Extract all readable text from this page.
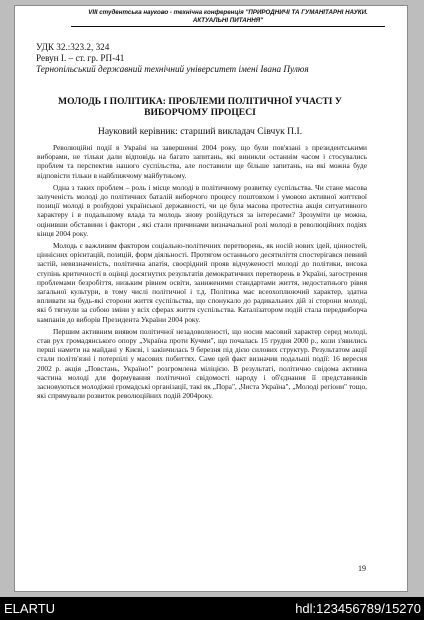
VIII студентська науково - технічна конференція "ПРИРОДНИЧІ ТА ГУМАНІТАРНІ НАУКИ.
АКТУАЛЬНІ ПИТАННЯ"
УДК 32.:323.2, 324
Ревун І. – ст. гр. РП-41
Тернопільський державний технічний університет імені Івана Пулюя
МОЛОДЬ І ПОЛІТИКА: ПРОБЛЕМИ ПОЛІТИЧНОЇ УЧАСТІ У
ВИБОРЧОМУ ПРОЦЕСІ
Науковий керівник: старший викладач Сівчук П.І.

Революційні події в Україні на завершенні 2004 року, що були пов'язані з президентськими виборами, не тільки дали відповідь на багато запитань, які виникли останнім часом і стосувались проблем та перспектив нашого суспільства, але поставили ще більше запитань, на які можна буде відповісти тільки в найближчому майбутньому.

Одна з таких проблем – роль і місце молоді в політичному розвитку суспільства. Чи стане масова залученість молоді до політичних баталій виборчого процесу поштовхом і умовою активної життєвої позиції молоді в розбудові української державності, чи це була масова протестна акція ситуативного характеру і в подальшому влада та молодь знову розійдуться за інтересами? Зрозуміти це можна, оцінивши обставини і фактори , які стали причинами визначальної ролі молоді в революційних подіях кінця 2004 року.

Молодь є важливим фактором соціально-політичних перетворень, як носій нових ідей, цінностей, ціннісних орієнтацій, позицій, форм діяльності. Протягом останнього десятиліття спостерігався певний застій, невизначеність, політична апатія, своєрідний прояв відчуженості молоді до політики, висока ступінь критичності в оцінці досягнутих результатів демократичних перетворень в Україні, загострення проблемами безробіття, низьким рівнем освіти, заниженими стандартами життя, недостатнього рівня загальної культури, в тому числі політичної і т.д. Політика має всеохоплюючий характер, здатна впливати на будь-які сторони життя суспільства, що спонукало до радикальних дій зі сторони молоді, які б тягнули за собою зміни у всіх сферах життя суспільства. Каталізатором подій стала передвиборча кампанія до виборів Президента України 2004 року.

Першим активним виявом політичної незадоволеності, що носив масовий характер серед молоді, став рух громадянського опору „Україна проти Кучми", що почалась 15 грудня 2000 р., коли з'явились перші намети на майдані у Києві, і закінчилась 9 березня під дією силових структур. Результатом акції стали політв'язні і потерпілі у масових побиттях. Саме цей факт визначив подальші події: 16 вересня 2002 р. акція „Повстань, Україно!" розгромлена міліцією. В результаті, політично свідома активна частина молоді для формування політичної свідомості народу і об'єднання її представників засновуються молодіжні громадські організації, такі як „Пора", „Чиста Україна", „Молоді регіони" тощо, які спрямували розвиток революційних подій 2004року.

19
ELARTU	hdl:123456789/15270
